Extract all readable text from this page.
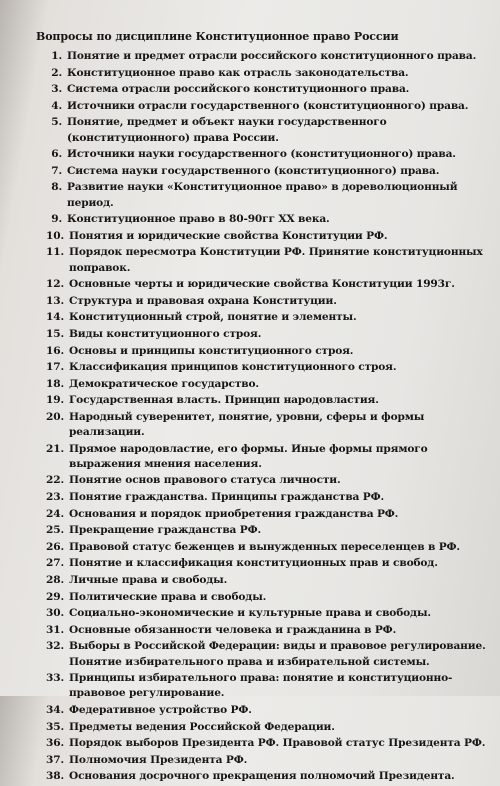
Вопросы по дисциплине Конституционное право России
1. Понятие и предмет отрасли российского конституционного права.
2. Конституционное право как отрасль законодательства.
3. Система отрасли российского конституционного права.
4. Источники отрасли государственного (конституционного) права.
5. Понятие, предмет и объект науки государственного (конституционного) права России.
6. Источники науки государственного (конституционного) права.
7. Система науки государственного (конституционного) права.
8. Развитие науки «Конституционное право» в дореволюционный период.
9. Конституционное право в 80-90гг XX века.
10. Понятия и юридические свойства Конституции РФ.
11. Порядок пересмотра Конституции РФ. Принятие конституционных поправок.
12. Основные черты и юридические свойства Конституции 1993г.
13. Структура и правовая охрана Конституции.
14. Конституционный строй, понятие и элементы.
15. Виды конституционного строя.
16. Основы и принципы конституционного строя.
17. Классификация принципов конституционного строя.
18. Демократическое государство.
19. Государственная власть. Принцип народовластия.
20. Народный суверенитет, понятие, уровни, сферы и формы реализации.
21. Прямое народовластие, его формы. Иные формы прямого выражения мнения населения.
22. Понятие основ правового статуса личности.
23. Понятие гражданства. Принципы гражданства РФ.
24. Основания и порядок приобретения гражданства РФ.
25. Прекращение гражданства РФ.
26. Правовой статус беженцев и вынужденных переселенцев в РФ.
27. Понятие и классификация конституционных прав и свобод.
28. Личные права и свободы.
29. Политические права и свободы.
30. Социально-экономические и культурные права и свободы.
31. Основные обязанности человека и гражданина в РФ.
32. Выборы в Российской Федерации: виды и правовое регулирование. Понятие избирательного права и избирательной системы.
33. Принципы избирательного права: понятие и конституционно-правовое регулирование.
34. Федеративное устройство РФ.
35. Предметы ведения Российской Федерации.
36. Порядок выборов Президента РФ. Правовой статус Президента РФ.
37. Полномочия Президента РФ.
38. Основания досрочного прекращения полномочий Президента.
